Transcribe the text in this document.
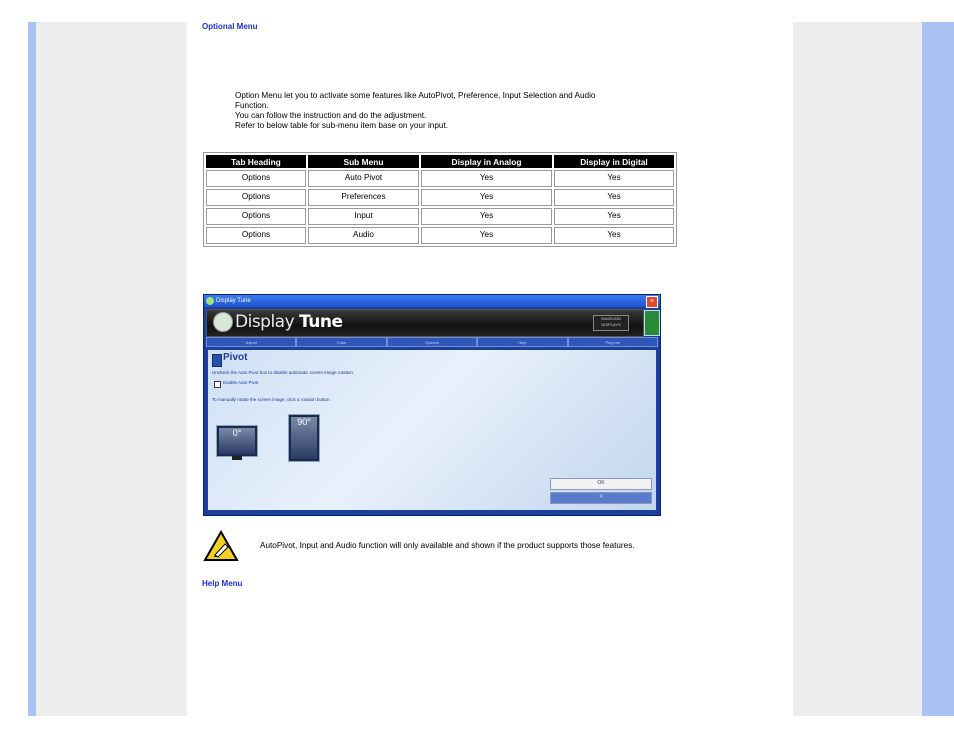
Optional Menu

Option Menu let you to activate some features like AutoPivot, Preference, Input Selection and Audio

Function.

You can follow the instruction and do the adjustment.

Refer to below table for sub-menu item base on your input.

Tab Heading	Sub Menu	Display in Analog	Display in Digital
Options	Auto Pivot	Yes	Yes
Options	Preferences	Yes	Yes
Options	Input	Yes	Yes
Options	Audio	Yes	Yes
Display Tune	×
Display Tune	SAMSUNG DISPLAYS
Adjust	Color	Options	Help	Plug-ins
Pivot
Uncheck the Auto Pivot box to disable automatic screen image rotation.
Enable Auto Pivot
To manually rotate the screen image, click a rotation button.
0°
90°
OK
X
AutoPivot, Input and Audio function will only available and shown if the product supports those features.
Help Menu
